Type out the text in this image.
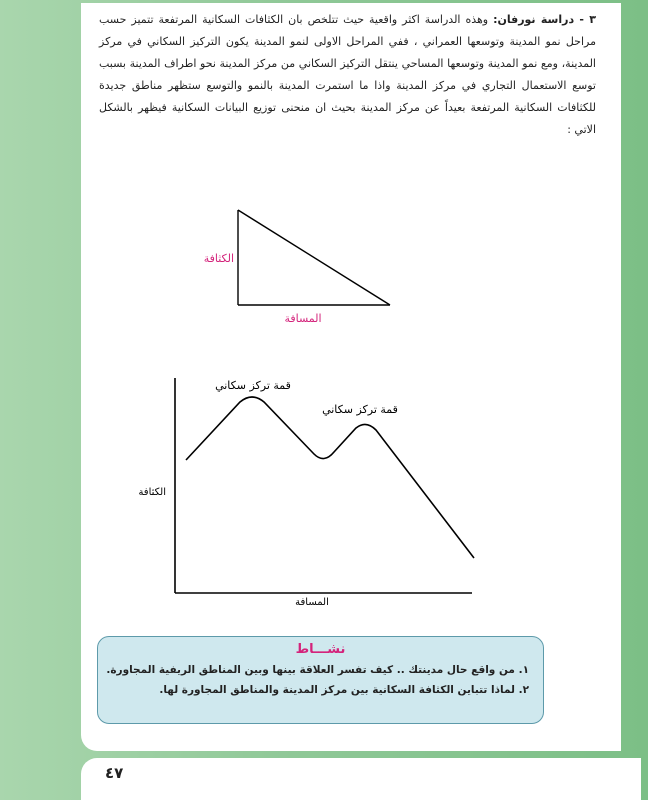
٣ - دراسة نورفان: وهذه الدراسة اكثر واقعية حيث تتلخص بان الكثافات السكانية المرتفعة تتميز حسب مراحل نمو المدينة وتوسعها العمراني ، ففي المراحل الاولى لنمو المدينة يكون التركيز السكاني في مركز المدينة، ومع نمو المدينة وتوسعها المساحي ينتقل التركيز السكاني من مركز المدينة نحو اطراف المدينة بسبب توسع الاستعمال التجاري في مركز المدينة واذا ما استمرت المدينة بالنمو والتوسع ستظهر مناطق جديدة للكثافات السكانية المرتفعة بعيداً عن مركز المدينة بحيث ان منحنى توزيع البيانات السكانية فيظهر بالشكل الاتي :
الكثافة
المسافة
قمة تركز سكاني
قمة تركز سكاني
الكثافة
المسافة
نشـــاط
١. من واقع حال مدينتك .. كيف تفسر العلاقة بينها وبين المناطق الريفية المجاورة.
٢. لماذا تتباين الكثافة السكانية بين مركز المدينة والمناطق المجاورة لها.
٤٧
